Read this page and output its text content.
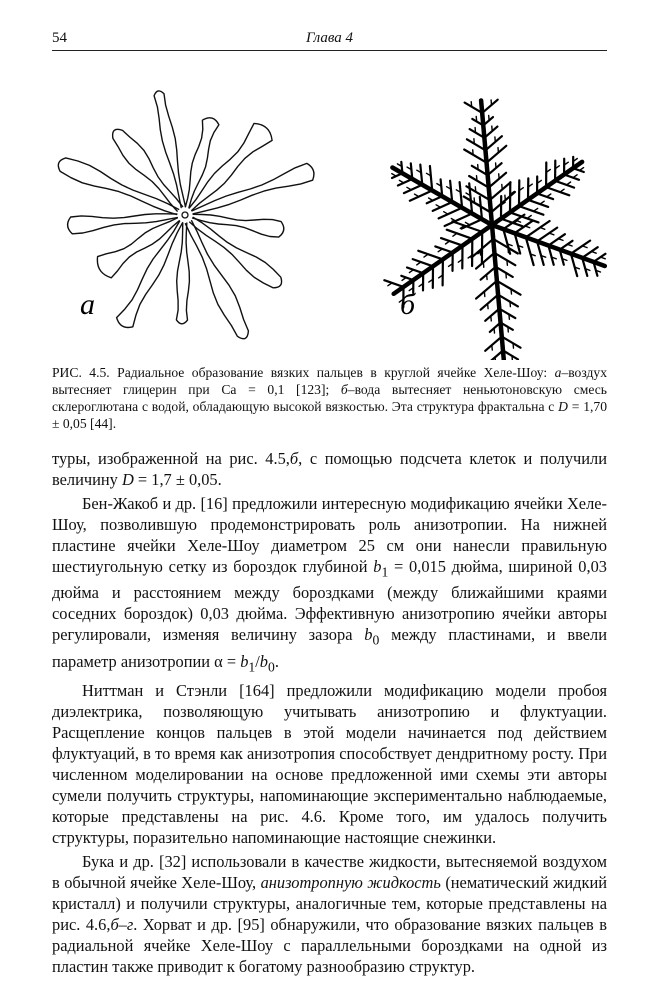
54	Глава 4
а	б
РИС. 4.5. Радиальное образование вязких пальцев в круглой ячейке Хеле-Шоу: а–воздух вытесняет глицерин при Ca = 0,1 [123]; б–вода вытесняет неньютоновскую смесь склероглютана с водой, обладающую высокой вязкостью. Эта структура фрактальна с D = 1,70 ± 0,05 [44].

туры, изображенной на рис. 4.5,б, с помощью подсчета клеток и получили величину D = 1,7 ± 0,05.

Бен-Жакоб и др. [16] предложили интересную модификацию ячейки Хеле-Шоу, позволившую продемонстрировать роль анизотропии. На нижней пластине ячейки Хеле-Шоу диаметром 25 см они нанесли правильную шестиугольную сетку из бороздок глубиной $b_1 = 0,015$ дюйма, шириной 0,03 дюйма и расстоянием между бороздками (между ближайшими краями соседних бороздок) 0,03 дюйма. Эффективную анизотропию ячейки авторы регулировали, изменяя величину зазора $b_0$ между пластинами, и ввели параметр анизотропии $\alpha = b_1/b_0$.

Ниттман и Стэнли [164] предложили модификацию модели пробоя диэлектрика, позволяющую учитывать анизотропию и флуктуации. Расщепление концов пальцев в этой модели начинается под действием флуктуаций, в то время как анизотропия способствует дендритному росту. При численном моделировании на основе предложенной ими схемы эти авторы сумели получить структуры, напоминающие экспериментально наблюдаемые, которые представлены на рис. 4.6. Кроме того, им удалось получить структуры, поразительно напоминающие настоящие снежинки.

Бука и др. [32] использовали в качестве жидкости, вытесняемой воздухом в обычной ячейке Хеле-Шоу, анизотропную жидкость (нематический жидкий кристалл) и получили структуры, аналогичные тем, которые представлены на рис. 4.6,б–г. Хорват и др. [95] обнаружили, что образование вязких пальцев в радиальной ячейке Хеле-Шоу с параллельными бороздками на одной из пластин также приводит к богатому разнообразию структур.
